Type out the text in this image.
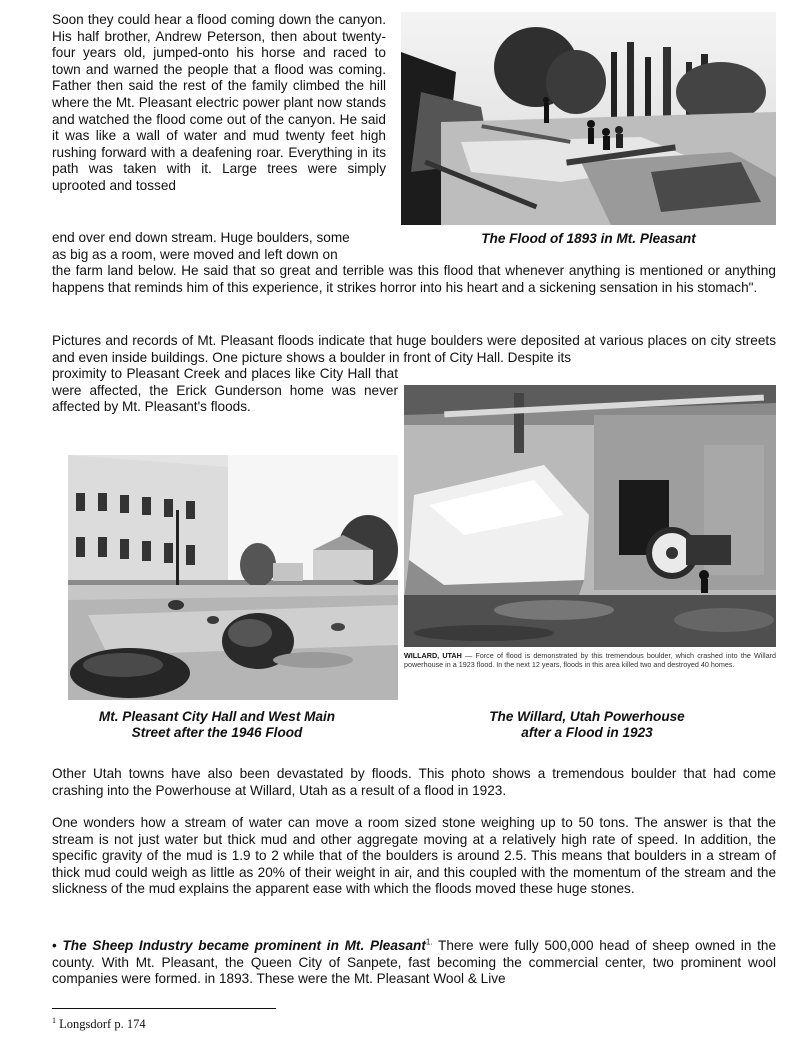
Soon they could hear a flood coming down the canyon. His half brother, Andrew Peterson, then about twenty-four years old, jumped-onto his horse and raced to town and warned the people that a flood was coming. Father then said the rest of the family climbed the hill where the Mt. Pleasant electric power plant now stands and watched the flood come out of the canyon. He said it was like a wall of water and mud twenty feet high rushing forward with a deafening roar. Everything in its path was taken with it. Large trees were simply uprooted and tossed

end over end down stream. Huge boulders, some
as big as a room, were moved and left down on

the farm land below. He said that so great and terrible was this flood that whenever anything is mentioned or anything happens that reminds him of this experience, it strikes horror into his heart and a sickening sensation in his stomach".

The Flood of 1893 in Mt. Pleasant

Pictures and records of Mt. Pleasant floods indicate that huge boulders were deposited at various places on city streets and even inside buildings. One picture shows a boulder in front of City Hall. Despite its

proximity to Pleasant Creek and places like City Hall that were affected, the Erick Gunderson home was never affected by Mt. Pleasant's floods.

Mt. Pleasant City Hall and West Main
Street after the 1946 Flood
WILLARD, UTAH — Force of flood is demonstrated by this tremendous boulder, which crashed into the Willard powerhouse in a 1923 flood. In the next 12 years, floods in this area killed two and destroyed 40 homes.
The Willard, Utah Powerhouse
after a Flood in 1923

Other Utah towns have also been devastated by floods. This photo shows a tremendous boulder that had come crashing into the Powerhouse at Willard, Utah as a result of a flood in 1923.

One wonders how a stream of water can move a room sized stone weighing up to 50 tons. The answer is that the stream is not just water but thick mud and other aggregate moving at a relatively high rate of speed. In addition, the specific gravity of the mud is 1.9 to 2 while that of the boulders is around 2.5. This means that boulders in a stream of thick mud could weigh as little as 20% of their weight in air, and this coupled with the momentum of the stream and the slickness of the mud explains the apparent ease with which the floods moved these huge stones.

• The Sheep Industry became prominent in Mt. Pleasant$^{1.}$ There were fully 500,000 head of sheep owned in the county. With Mt. Pleasant, the Queen City of Sanpete, fast becoming the commercial center, two prominent wool companies were formed. in 1893. These were the Mt. Pleasant Wool & Live

$^1$ Longsdorf p. 174
